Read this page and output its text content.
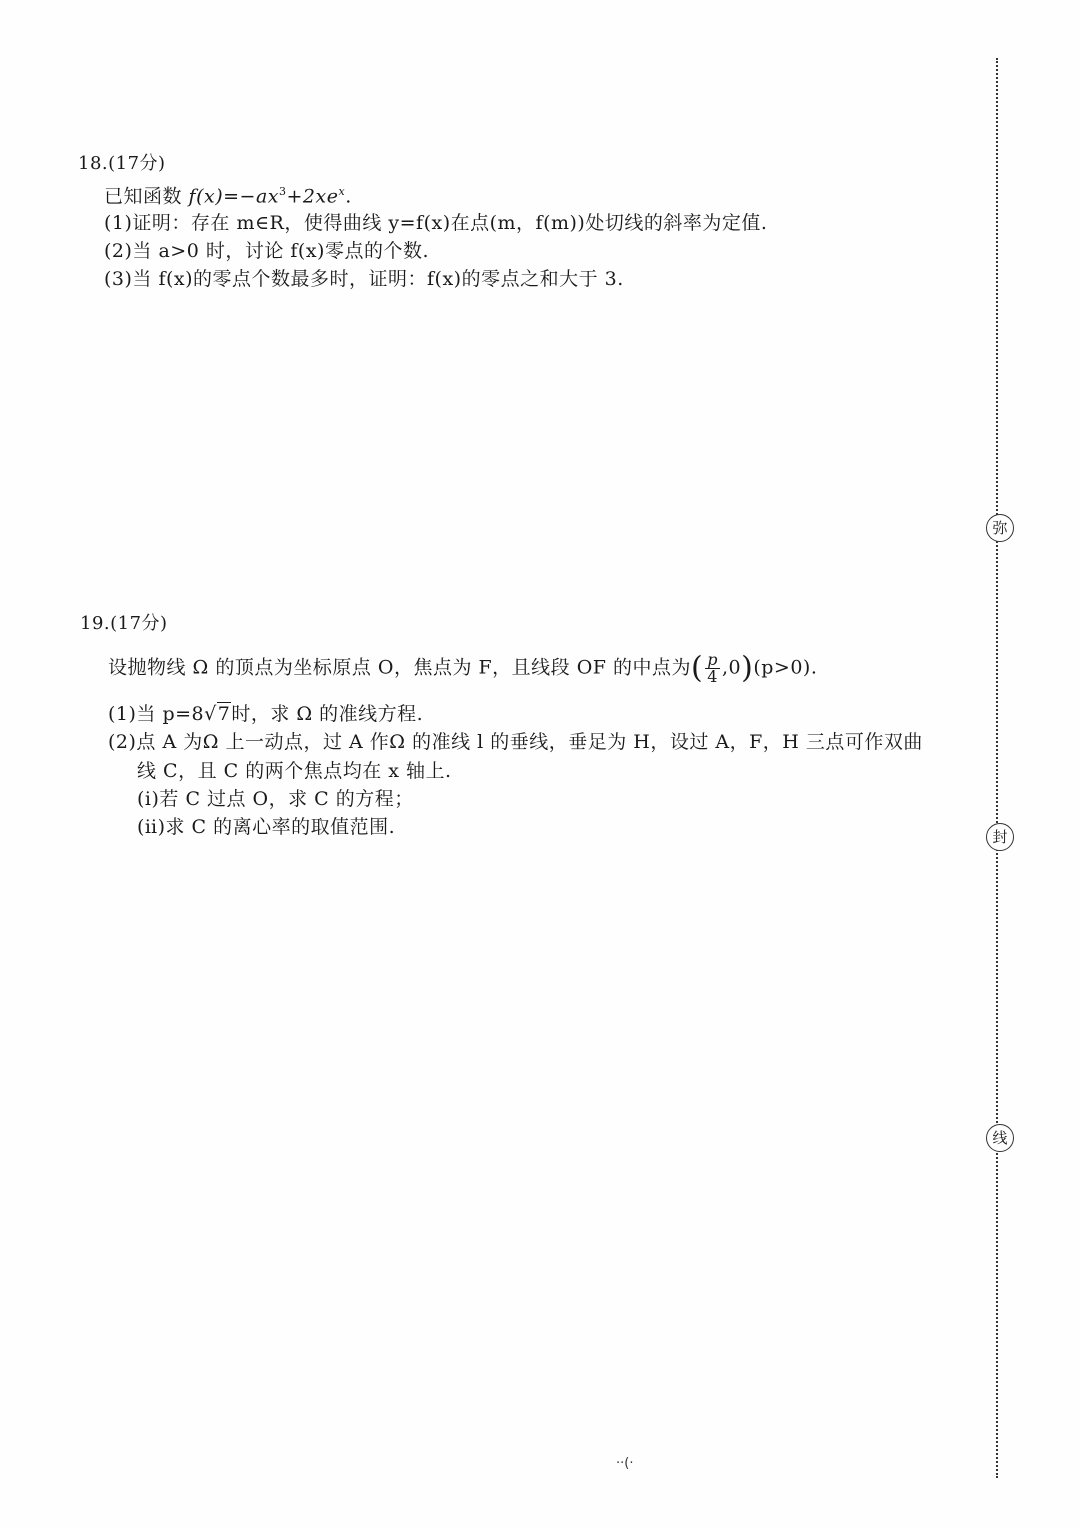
18.(17分)
已知函数 $f(x)=-ax^3+2xe^x$.
(1)证明：存在 m∈R，使得曲线 y=f(x)在点(m，f(m))处切线的斜率为定值.
(2)当 a>0 时，讨论 f(x)零点的个数.
(3)当 f(x)的零点个数最多时，证明：f(x)的零点之和大于 3.
19.(17分)
设抛物线 Ω 的顶点为坐标原点 O，焦点为 F，且线段 OF 的中点为( $\frac{p}{4} ,0)(p>0)$.
(1)当 p=8√7时，求 Ω 的准线方程.
(2)点 A 为Ω 上一动点，过 A 作Ω 的准线 l 的垂线，垂足为 H，设过 A，F，H 三点可作双曲
线 C，且 C 的两个焦点均在 x 轴上.
(ⅰ)若 C 过点 O，求 C 的方程；
(ⅱ)求 C 的离心率的取值范围.
弥
封
线
··(·
